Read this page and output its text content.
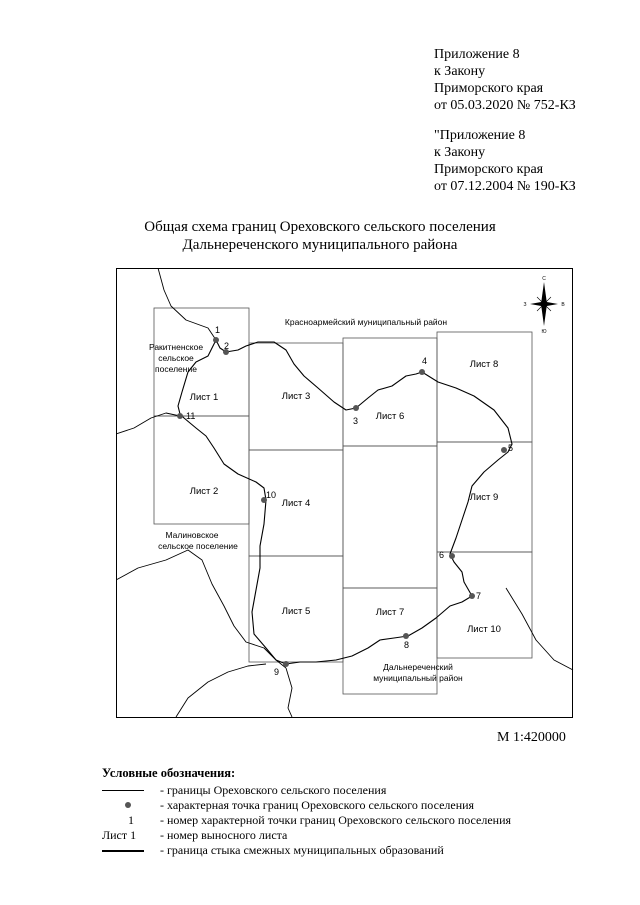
Приложение 8
к Закону
Приморского края
от 05.03.2020 № 752-КЗ
"Приложение 8
к Закону
Приморского края
от 07.12.2004 № 190-КЗ
Общая схема границ Ореховского сельского поселения
Дальнереченского муниципального района
1
2
3
4
5
6
7
8
9
10
11
Лист 1
Лист 2
Лист 3
Лист 4
Лист 5
Лист 6
Лист 7
Лист 8
Лист 9
Лист 10
Красноармейский муниципальный район
Ракитненское
сельское
поселение
Малиновское
сельское поселение
Дальнереченский
муниципальный район
С
Ю
З	В
М 1:420000
Условные обозначения:
- границы Ореховского сельского поселения
- характерная точка границ Ореховского сельского поселения
1	- номер характерной точки границ Ореховского сельского поселения
Лист 1	- номер выносного листа
- граница стыка смежных муниципальных образований
